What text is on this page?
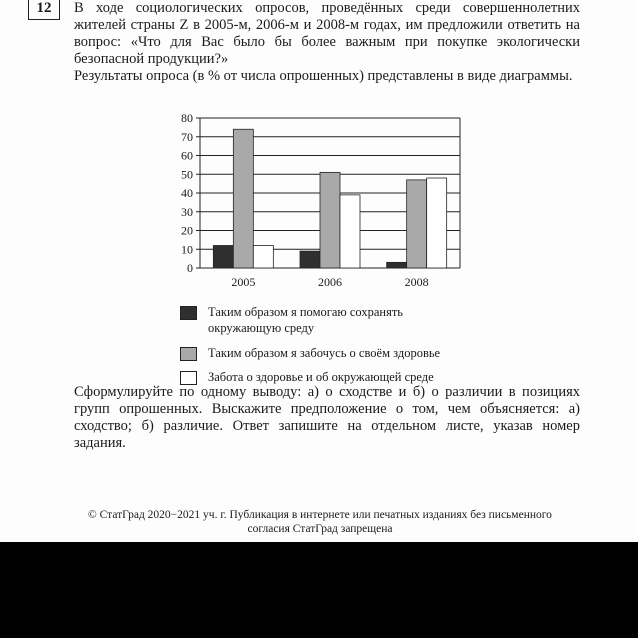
12	В ходе социологических опросов, проведённых среди совершеннолетних жителей страны Z в 2005-м, 2006-м и 2008-м годах, им предложили ответить на вопрос: «Что для Вас было бы более важным при покупке экологически безопасной продукции?»
Результаты опроса (в % от числа опрошенных) представлены в виде диаграммы.
0
10
20
30
40
50
60
70
80
2005	2006	2008
Таким образом я помогаю сохранять
окружающую среду
Таким образом я забочусь о своём здоровье
Забота о здоровье и об окружающей среде
Сформулируйте по одному выводу: а) о сходстве и б) о различии в позициях групп опрошенных. Выскажите предположение о том, чем объясняется: а) сходство; б) различие. Ответ запишите на отдельном листе, указав номер задания.
© СтатГрад 2020−2021 уч. г. Публикация в интернете или печатных изданиях без письменного
согласия СтатГрад запрещена
